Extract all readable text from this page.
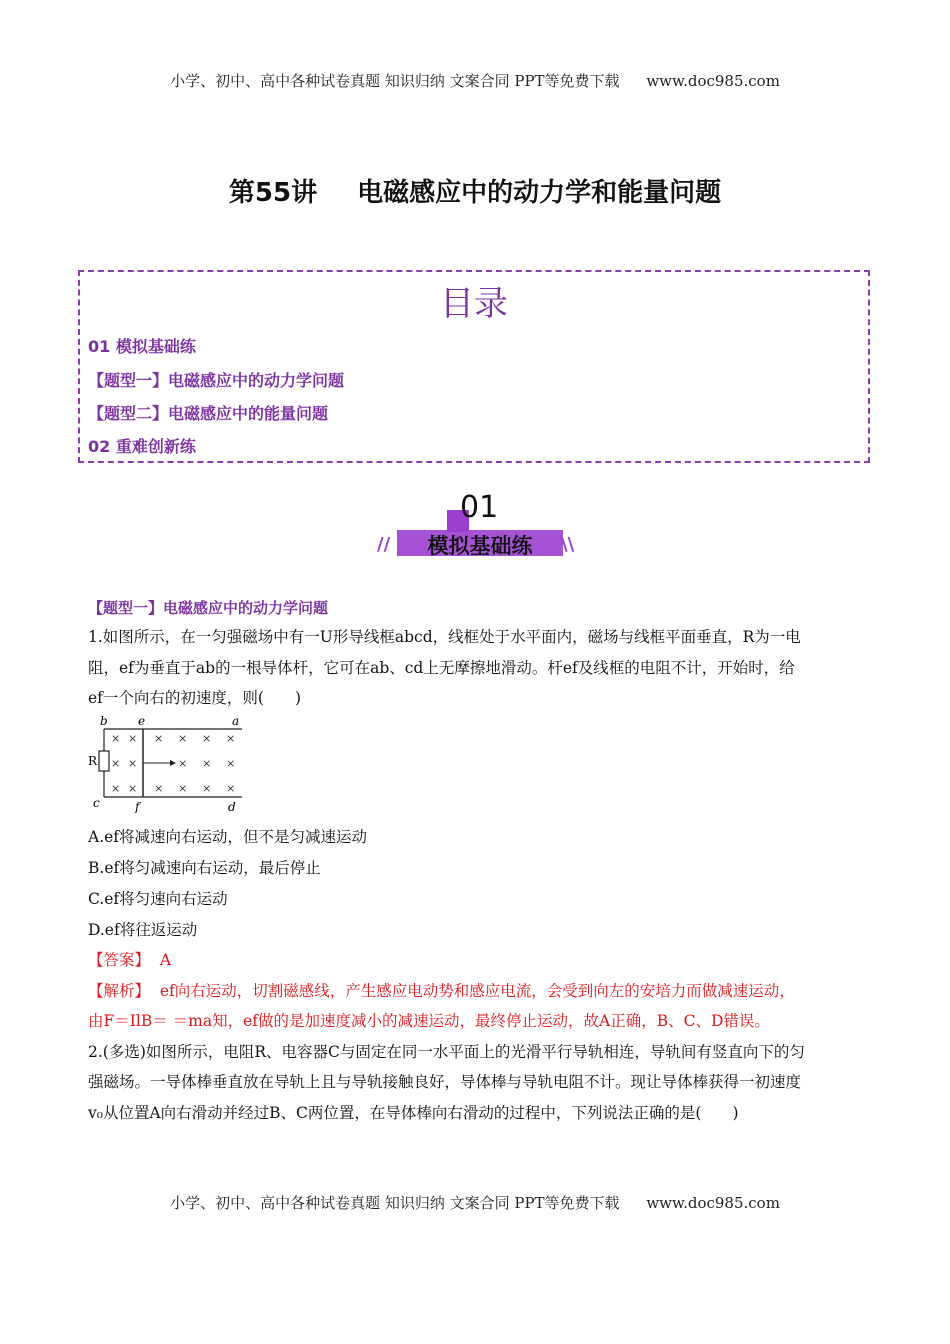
小学、初中、高中各种试卷真题 知识归纳 文案合同 PPT等免费下载 www.doc985.com
第55讲 电磁感应中的动力学和能量问题
目录
01 模拟基础练
【题型一】电磁感应中的动力学问题
【题型二】电磁感应中的能量问题
02 重难创新练
01
模拟基础练
//	\\
【题型一】电磁感应中的动力学问题
1.如图所示，在一匀强磁场中有一U形导线框abcd，线框处于水平面内，磁场与线框平面垂直，R为一电
阻，ef为垂直于ab的一根导体杆，它可在ab、cd上无摩擦地滑动。杆ef及线框的电阻不计，开始时，给
ef一个向右的初速度，则(　　)
b	e	a
c	f	d
R
× × × × × ×
× ×	× × ×
× × × × × ×
A.ef将减速向右运动，但不是匀减速运动
B.ef将匀减速向右运动，最后停止
C.ef将匀速向右运动
D.ef将往返运动
【答案】 A
【解析】 ef向右运动，切割磁感线，产生感应电动势和感应电流，会受到向左的安培力而做减速运动，
由F＝IlB＝ ＝ma知，ef做的是加速度减小的减速运动，最终停止运动，故A正确，B、C、D错误。
2.(多选)如图所示，电阻R、电容器C与固定在同一水平面上的光滑平行导轨相连，导轨间有竖直向下的匀
强磁场。一导体棒垂直放在导轨上且与导轨接触良好，导体棒与导轨电阻不计。现让导体棒获得一初速度
v₀从位置A向右滑动并经过B、C两位置，在导体棒向右滑动的过程中，下列说法正确的是(　　)
小学、初中、高中各种试卷真题 知识归纳 文案合同 PPT等免费下载 www.doc985.com
